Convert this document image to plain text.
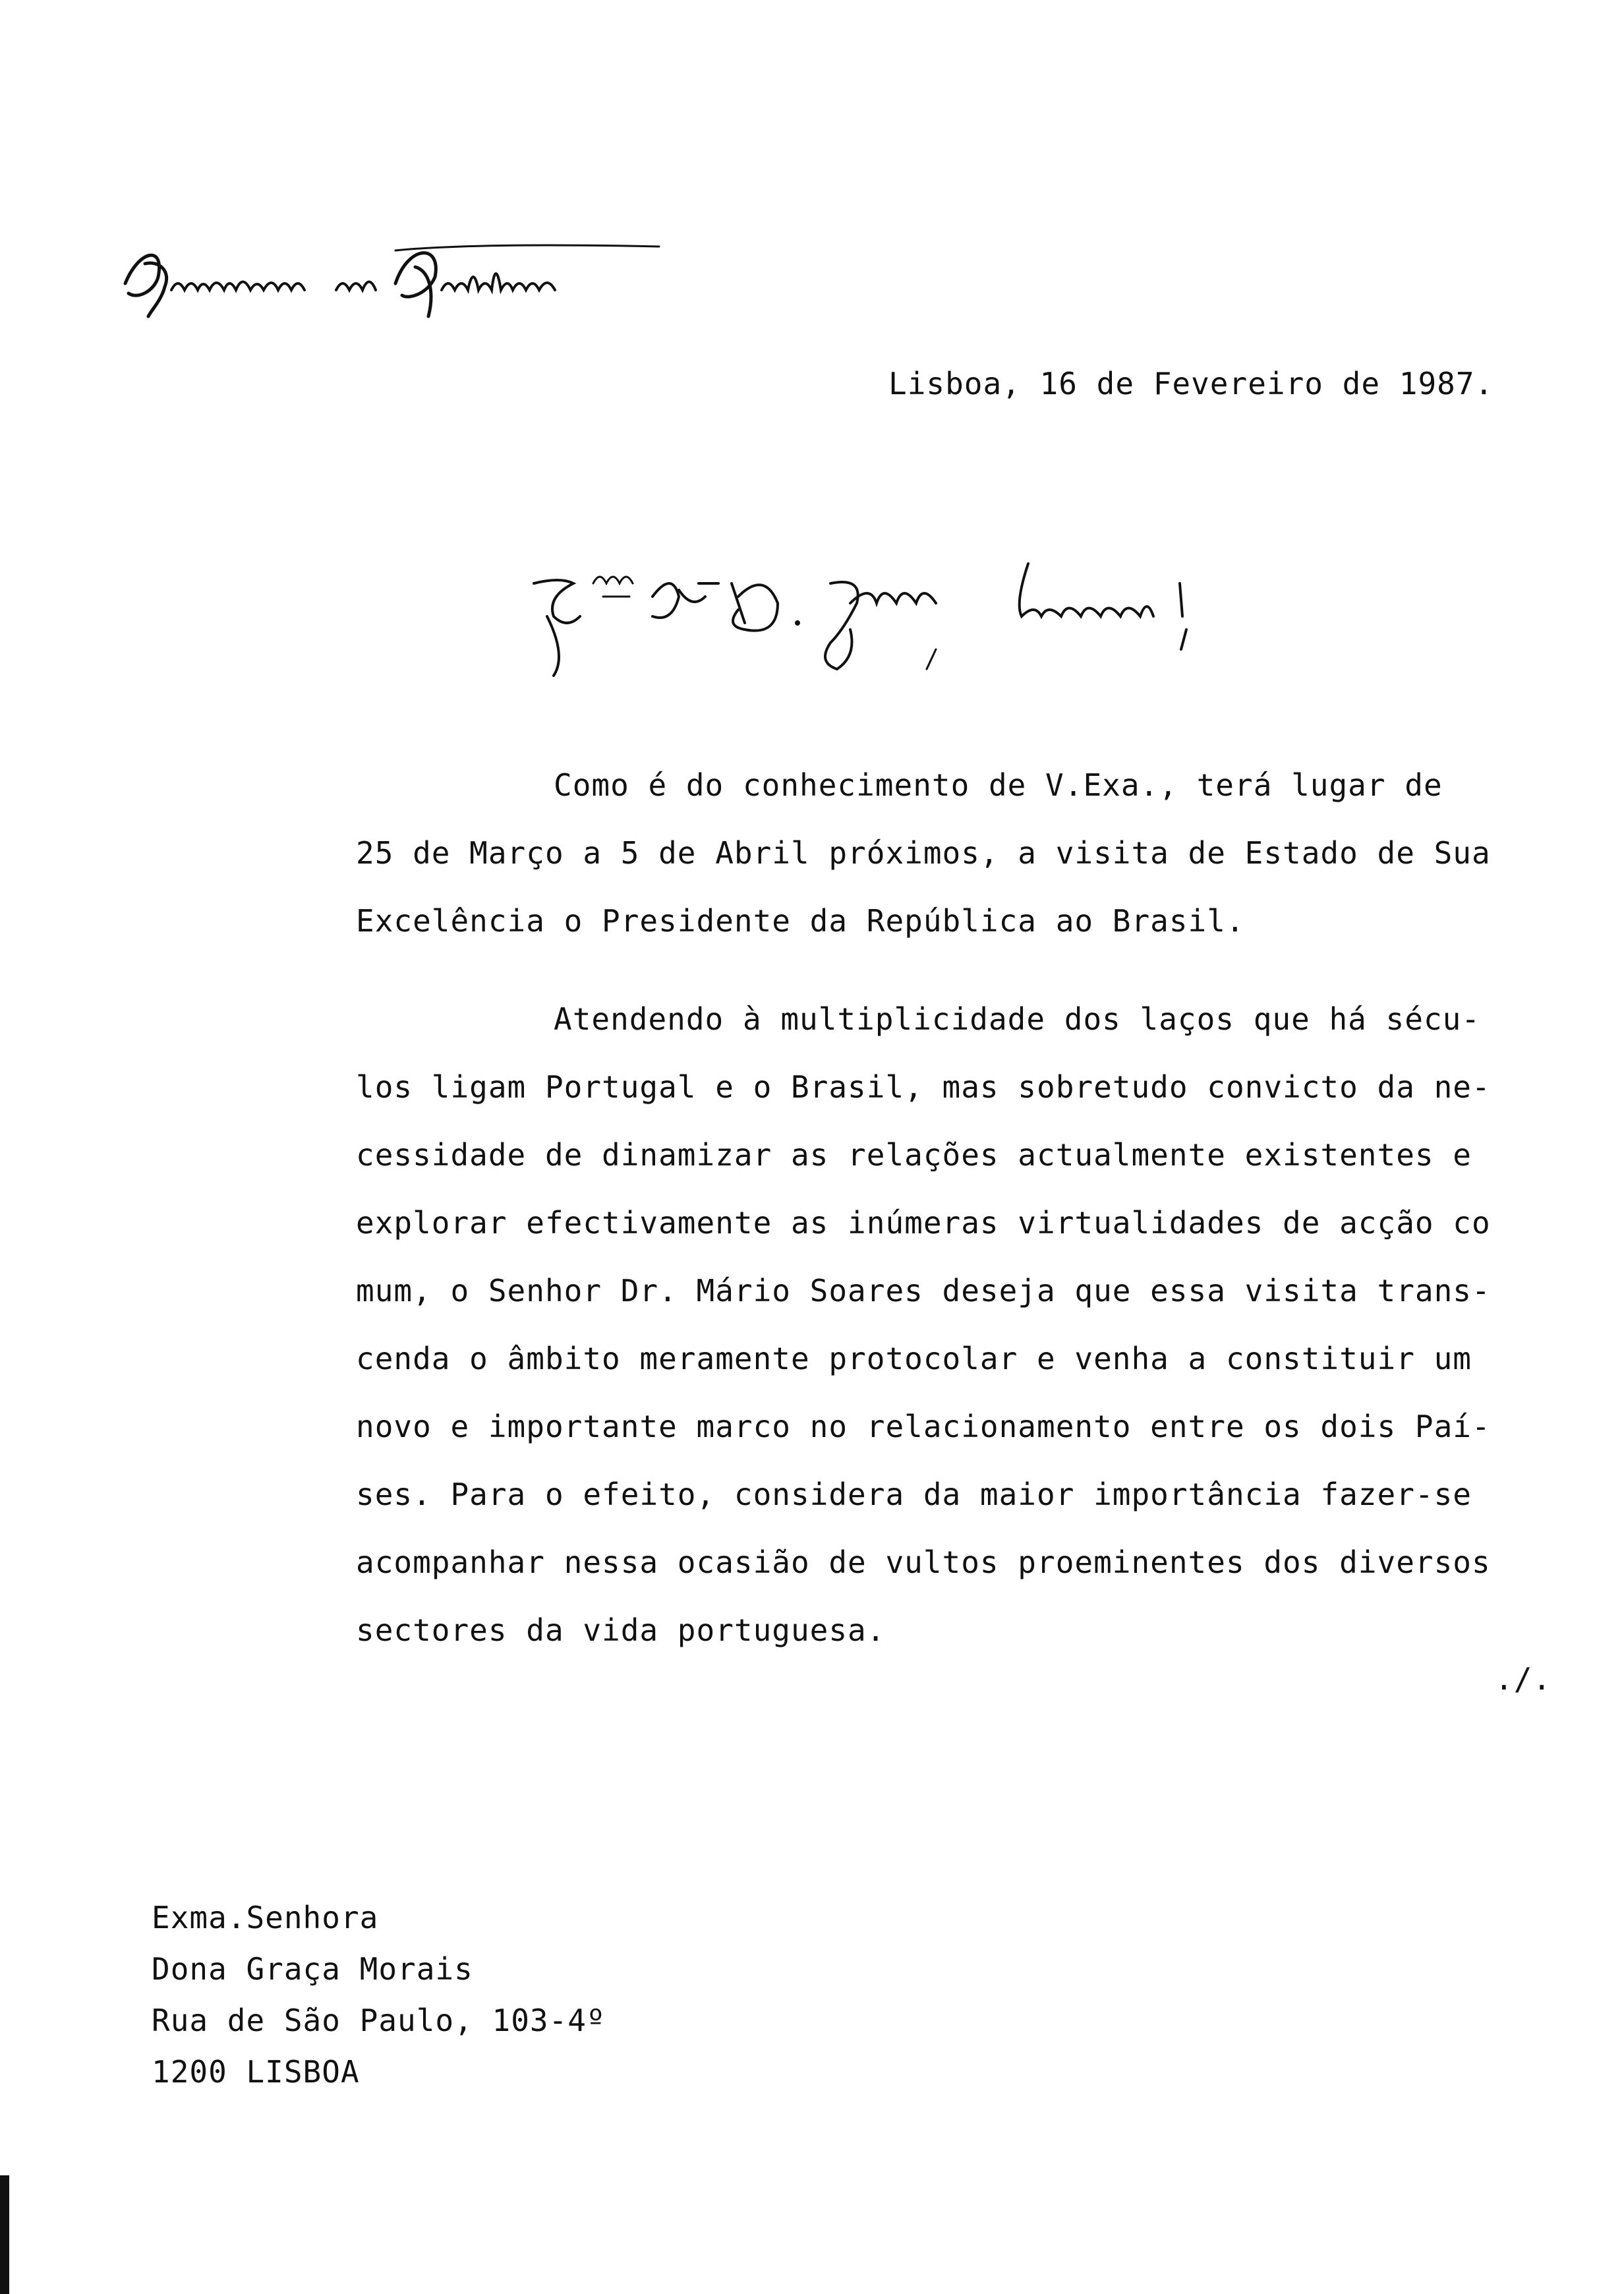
Lisboa, 16 de Fevereiro de 1987.
Como é do conhecimento de V.Exa., terá lugar de
25 de Março a 5 de Abril próximos, a visita de Estado de Sua
Excelência o Presidente da República ao Brasil.
Atendendo à multiplicidade dos laços que há sécu-
los ligam Portugal e o Brasil, mas sobretudo convicto da ne-
cessidade de dinamizar as relações actualmente existentes e
explorar efectivamente as inúmeras virtualidades de acção co
mum, o Senhor Dr. Mário Soares deseja que essa visita trans-
cenda o âmbito meramente protocolar e venha a constituir um
novo e importante marco no relacionamento entre os dois Paí-
ses. Para o efeito, considera da maior importância fazer-se
acompanhar nessa ocasião de vultos proeminentes dos diversos
sectores da vida portuguesa.
./.
Exma.Senhora
Dona Graça Morais
Rua de São Paulo, 103-4º
1200 LISBOA
